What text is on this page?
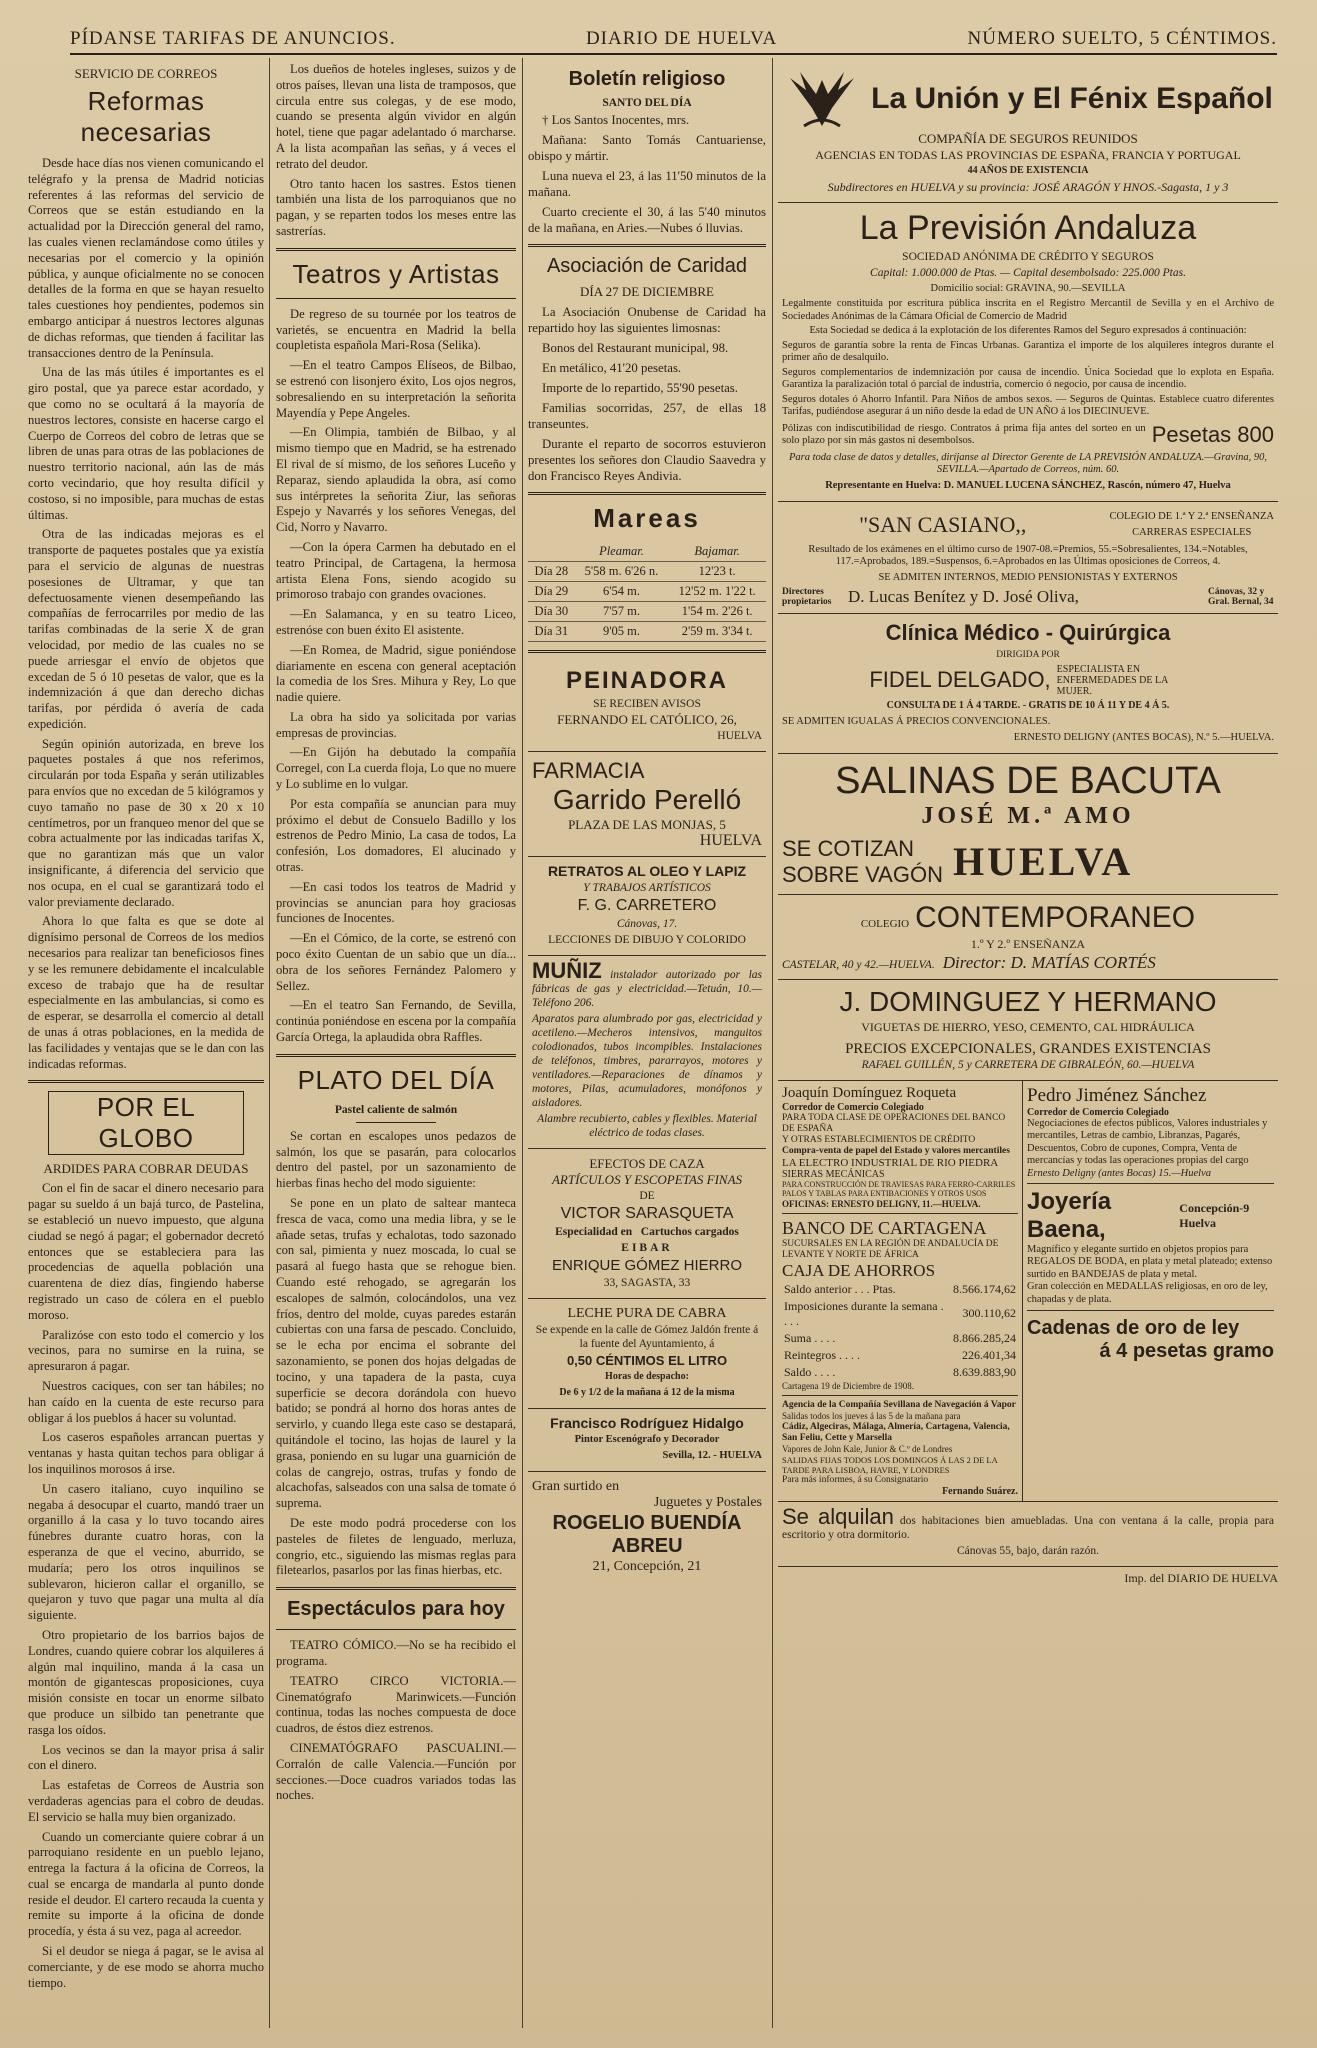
PÍDANSE TARIFAS DE ANUNCIOS.	DIARIO DE HUELVA	NÚMERO SUELTO, 5 CÉNTIMOS.
SERVICIO DE CORREOS
Reformas necesarias

Desde hace días nos vienen comunicando el telégrafo y la prensa de Madrid noticias referentes á las reformas del servicio de Correos que se están estudiando en la actualidad por la Dirección general del ramo, las cuales vienen reclamándose como útiles y necesarias por el comercio y la opinión pública, y aunque oficialmente no se conocen detalles de la forma en que se hayan resuelto tales cuestiones hoy pendientes, podemos sin embargo anticipar á nuestros lectores algunas de dichas reformas, que tienden á facilitar las transacciones dentro de la Península.

Una de las más útiles é importantes es el giro postal, que ya parece estar acordado, y que como no se ocultará á la mayoría de nuestros lectores, consiste en hacerse cargo el Cuerpo de Correos del cobro de letras que se libren de unas para otras de las poblaciones de nuestro territorio nacional, aún las de más corto vecindario, que hoy resulta difícil y costoso, si no imposible, para muchas de estas últimas.

Otra de las indicadas mejoras es el transporte de paquetes postales que ya existía para el servicio de algunas de nuestras posesiones de Ultramar, y que tan defectuosamente vienen desempeñando las compañías de ferrocarriles por medio de las tarifas combinadas de la serie X de gran velocidad, por medio de las cuales no se puede arriesgar el envío de objetos que excedan de 5 ó 10 pesetas de valor, que es la indemnización á que dan derecho dichas tarifas, por pérdida ó avería de cada expedición.

Según opinión autorizada, en breve los paquetes postales á que nos referimos, circularán por toda España y serán utilizables para envíos que no excedan de 5 kilógramos y cuyo tamaño no pase de 30 x 20 x 10 centímetros, por un franqueo menor del que se cobra actualmente por las indicadas tarifas X, que no garantizan más que un valor insignificante, á diferencia del servicio que nos ocupa, en el cual se garantizará todo el valor previamente declarado.

Ahora lo que falta es que se dote al dignísimo personal de Correos de los medios necesarios para realizar tan beneficiosos fines y se les remunere debidamente el incalculable exceso de trabajo que ha de resultar especialmente en las ambulancias, si como es de esperar, se desarrolla el comercio al detall de unas á otras poblaciones, en la medida de las facilidades y ventajas que se le dan con las indicadas reformas.

POR EL GLOBO
ARDIDES PARA COBRAR DEUDAS

Con el fin de sacar el dinero necesario para pagar su sueldo á un bajá turco, de Pastelina, se estableció un nuevo impuesto, que alguna ciudad se negó á pagar; el gobernador decretó entonces que se estableciera para las procedencias de aquella población una cuarentena de diez días, fingiendo haberse registrado un caso de cólera en el pueblo moroso.

Paralizóse con esto todo el comercio y los vecinos, para no sumirse en la ruina, se apresuraron á pagar.

Nuestros caciques, con ser tan hábiles; no han caído en la cuenta de este recurso para obligar á los pueblos á hacer su voluntad.

Los caseros españoles arrancan puertas y ventanas y hasta quitan techos para obligar á los inquilinos morosos á irse.

Un casero italiano, cuyo inquilino se negaba á desocupar el cuarto, mandó traer un organillo á la casa y lo tuvo tocando aires fúnebres durante cuatro horas, con la esperanza de que el vecino, aburrido, se mudaría; pero los otros inquilinos se sublevaron, hicieron callar el organillo, se quejaron y tuvo que pagar una multa al día siguiente.

Otro propietario de los barrios bajos de Londres, cuando quiere cobrar los alquileres á algún mal inquilino, manda á la casa un montón de gigantescas proposiciones, cuya misión consiste en tocar un enorme silbato que produce un silbido tan penetrante que rasga los oídos.

Los vecinos se dan la mayor prisa á salir con el dinero.

Las estafetas de Correos de Austria son verdaderas agencias para el cobro de deudas. El servicio se halla muy bien organizado.

Cuando un comerciante quiere cobrar á un parroquiano residente en un pueblo lejano, entrega la factura á la oficina de Correos, la cual se encarga de mandarla al punto donde reside el deudor. El cartero recauda la cuenta y remite su importe á la oficina de donde procedía, y ésta á su vez, paga al acreedor.

Si el deudor se niega á pagar, se le avisa al comerciante, y de ese modo se ahorra mucho tiempo.

Los dueños de hoteles ingleses, suizos y de otros países, llevan una lista de tramposos, que circula entre sus colegas, y de ese modo, cuando se presenta algún vividor en algún hotel, tiene que pagar adelantado ó marcharse. A la lista acompañan las señas, y á veces el retrato del deudor.

Otro tanto hacen los sastres. Estos tienen también una lista de los parroquianos que no pagan, y se reparten todos los meses entre las sastrerías.

Teatros y Artistas

De regreso de su tournée por los teatros de varietés, se encuentra en Madrid la bella coupletista española Mari-Rosa (Selika).

—En el teatro Campos Elíseos, de Bilbao, se estrenó con lisonjero éxito, Los ojos negros, sobresaliendo en su interpretación la señorita Mayendía y Pepe Angeles.

—En Olimpia, también de Bilbao, y al mismo tiempo que en Madrid, se ha estrenado El rival de sí mismo, de los señores Luceño y Reparaz, siendo aplaudida la obra, así como sus intérpretes la señorita Ziur, las señoras Espejo y Navarrés y los señores Venegas, del Cid, Norro y Navarro.

—Con la ópera Carmen ha debutado en el teatro Principal, de Cartagena, la hermosa artista Elena Fons, siendo acogido su primoroso trabajo con grandes ovaciones.

—En Salamanca, y en su teatro Liceo, estrenóse con buen éxito El asistente.

—En Romea, de Madrid, sigue poniéndose diariamente en escena con general aceptación la comedia de los Sres. Mihura y Rey, Lo que nadie quiere.

La obra ha sido ya solicitada por varias empresas de provincias.

—En Gijón ha debutado la compañía Corregel, con La cuerda floja, Lo que no muere y Lo sublime en lo vulgar.

Por esta compañía se anuncian para muy próximo el debut de Consuelo Badillo y los estrenos de Pedro Minio, La casa de todos, La confesión, Los domadores, El alucinado y otras.

—En casi todos los teatros de Madrid y provincias se anuncian para hoy graciosas funciones de Inocentes.

—En el Cómico, de la corte, se estrenó con poco éxito Cuentan de un sabio que un día... obra de los señores Fernández Palomero y Sellez.

—En el teatro San Fernando, de Sevilla, continúa poniéndose en escena por la compañía García Ortega, la aplaudida obra Raffles.

PLATO DEL DÍA
Pastel caliente de salmón

Se cortan en escalopes unos pedazos de salmón, los que se pasarán, para colocarlos dentro del pastel, por un sazonamiento de hierbas finas hecho del modo siguiente:

Se pone en un plato de saltear manteca fresca de vaca, como una media libra, y se le añade setas, trufas y echalotas, todo sazonado con sal, pimienta y nuez moscada, lo cual se pasará al fuego hasta que se rehogue bien. Cuando esté rehogado, se agregarán los escalopes de salmón, colocándolos, una vez fríos, dentro del molde, cuyas paredes estarán cubiertas con una farsa de pescado. Concluido, se le echa por encima el sobrante del sazonamiento, se ponen dos hojas delgadas de tocino, y una tapadera de la pasta, cuya superficie se decora dorándola con huevo batido; se pondrá al horno dos horas antes de servirlo, y cuando llega este caso se destapará, quitándole el tocino, las hojas de laurel y la grasa, poniendo en su lugar una guarnición de colas de cangrejo, ostras, trufas y fondo de alcachofas, salseados con una salsa de tomate ó suprema.

De este modo podrá procederse con los pasteles de filetes de lenguado, merluza, congrio, etc., siguiendo las mismas reglas para filetearlos, pasarlos por las finas hierbas, etc.

Espectáculos para hoy

TEATRO CÓMICO.—No se ha recibido el programa.

TEATRO CIRCO VICTORIA.—Cinematógrafo Marinwicets.—Función continua, todas las noches compuesta de doce cuadros, de éstos diez estrenos.

CINEMATÓGRAFO PASCUALINI.—Corralón de calle Valencia.—Función por secciones.—Doce cuadros variados todas las noches.

Boletín religioso
SANTO DEL DÍA

† Los Santos Inocentes, mrs.

Mañana: Santo Tomás Cantuariense, obispo y mártir.

Luna nueva el 23, á las 11'50 minutos de la mañana.

Cuarto creciente el 30, á las 5'40 minutos de la mañana, en Aries.—Nubes ó lluvias.

Asociación de Caridad
DÍA 27 DE DICIEMBRE

La Asociación Onubense de Caridad ha repartido hoy las siguientes limosnas:

Bonos del Restaurant municipal, 98.

En metálico, 41'20 pesetas.

Importe de lo repartido, 55'90 pesetas.

Familias socorridas, 257, de ellas 18 transeuntes.

Durante el reparto de socorros estuvieron presentes los señores don Claudio Saavedra y don Francisco Reyes Andivia.

Mareas
	Pleamar.	Bajamar.
Día 28	5'58 m. 6'26 n.	12'23 t.
Día 29	6'54 m.	12'52 m. 1'22 t.
Día 30	7'57 m.	1'54 m. 2'26 t.
Día 31	9'05 m.	2'59 m. 3'34 t.
PEINADORA
SE RECIBEN AVISOS
FERNANDO EL CATÓLICO, 26,
HUELVA
FARMACIA
Garrido Perelló
PLAZA DE LAS MONJAS, 5
HUELVA
RETRATOS AL OLEO Y LAPIZ
Y TRABAJOS ARTÍSTICOS
F. G. CARRETERO
Cánovas, 17.
LECCIONES DE DIBUJO Y COLORIDO
MUÑIZ instalador autorizado por las fábricas de gas y electricidad.—Tetuán, 10.—Teléfono 206.
Aparatos para alumbrado por gas, electricidad y acetileno.—Mecheros intensivos, manguitos colodionados, tubos incompibles. Instalaciones de teléfonos, timbres, pararrayos, motores y ventiladores.—Reparaciones de dínamos y motores, Pilas, acumuladores, monófonos y aisladores.
Alambre recubierto, cables y flexibles. Material eléctrico de todas clases.
EFECTOS DE CAZA
ARTÍCULOS Y ESCOPETAS FINAS
DE
VICTOR SARASQUETA
Especialidad en Cartuchos cargados
EIBAR
ENRIQUE GÓMEZ HIERRO
33, SAGASTA, 33
LECHE PURA DE CABRA
Se expende en la calle de Gómez Jaldón frente á la fuente del Ayuntamiento, á
0,50 CÉNTIMOS EL LITRO
Horas de despacho:
De 6 y 1/2 de la mañana á 12 de la misma
Francisco Rodríguez Hidalgo
Pintor Escenógrafo y Decorador
Sevilla, 12. - HUELVA
Gran surtido en
Juguetes y Postales
ROGELIO BUENDÍA ABREU
21, Concepción, 21
La Unión y El Fénix Español
COMPAÑÍA DE SEGUROS REUNIDOS
AGENCIAS EN TODAS LAS PROVINCIAS DE ESPAÑA, FRANCIA Y PORTUGAL
44 AÑOS DE EXISTENCIA
Subdirectores en HUELVA y su provincia: JOSÉ ARAGÓN Y HNOS.-Sagasta, 1 y 3
La Previsión Andaluza
SOCIEDAD ANÓNIMA DE CRÉDITO Y SEGUROS
Capital: 1.000.000 de Ptas. — Capital desembolsado: 225.000 Ptas.
Domicilio social: GRAVINA, 90.—SEVILLA
Legalmente constituida por escritura pública inscrita en el Registro Mercantil de Sevilla y en el Archivo de Sociedades Anónimas de la Cámara Oficial de Comercio de Madrid
Esta Sociedad se dedica á la explotación de los diferentes Ramos del Seguro expresados á continuación:
Seguros de garantía sobre la renta de Fincas Urbanas. Garantiza el importe de los alquileres íntegros durante el primer año de desalquilo.
Seguros complementarios de indemnización por causa de incendio. Única Sociedad que lo explota en España. Garantiza la paralización total ó parcial de industria, comercio ó negocio, por causa de incendio.
Seguros dotales ó Ahorro Infantil. Para Niños de ambos sexos. — Seguros de Quintas. Establece cuatro diferentes Tarifas, pudiéndose asegurar á un niño desde la edad de UN AÑO á los DIECINUEVE.
Pólizas con indiscutibilidad de riesgo. Contratos á prima fija antes del sorteo en un solo plazo por sin más gastos ni desembolsos.	Pesetas 800
Para toda clase de datos y detalles, diríjanse al Director Gerente de LA PREVISIÓN ANDALUZA.—Gravina, 90, SEVILLA.—Apartado de Correos, núm. 60.
Representante en Huelva: D. MANUEL LUCENA SÁNCHEZ, Rascón, número 47, Huelva
"SAN CASIANO,,	COLEGIO DE 1.ª Y 2.ª ENSEÑANZA
CARRERAS ESPECIALES
Resultado de los exámenes en el último curso de 1907-08.=Premios, 55.=Sobresalientes, 134.=Notables, 117.=Aprobados, 189.=Suspensos, 6.=Aprobados en las Últimas oposiciones de Correos, 4.
SE ADMITEN INTERNOS, MEDIO PENSIONISTAS Y EXTERNOS
Directores propietarios D. Lucas Benítez y D. José Oliva,	Cánovas, 32 y Gral. Bernal, 34
Clínica Médico - Quirúrgica
DIRIGIDA POR
FIDEL DELGADO, ESPECIALISTA EN ENFERMEDADES DE LA MUJER.
CONSULTA DE 1 Á 4 TARDE. - GRATIS DE 10 Á 11 Y DE 4 Á 5.
SE ADMITEN IGUALAS Á PRECIOS CONVENCIONALES.
ERNESTO DELIGNY (ANTES BOCAS), N.º 5.—HUELVA.
SALINAS DE BACUTA
JOSÉ M.ª AMO
SE COTIZAN
SOBRE VAGÓN HUELVA
COLEGIO CONTEMPORANEO
1.º Y 2.º ENSEÑANZA
CASTELAR, 40 y 42.—HUELVA. Director: D. MATÍAS CORTÉS
J. DOMINGUEZ Y HERMANO
VIGUETAS DE HIERRO, YESO, CEMENTO, CAL HIDRÁULICA
PRECIOS EXCEPCIONALES, GRANDES EXISTENCIAS
RAFAEL GUILLÉN, 5 y CARRETERA DE GIBRALEÓN, 60.—HUELVA
Joaquín Domínguez Roqueta
Corredor de Comercio Colegiado
PARA TODA CLASE DE OPERACIONES DEL BANCO DE ESPAÑA
Y OTRAS ESTABLECIMIENTOS DE CRÉDITO
Compra-venta de papel del Estado y valores mercantiles
LA ELECTRO INDUSTRIAL DE RIO PIEDRA
SIERRAS MECÁNICAS
PARA CONSTRUCCIÓN DE TRAVIESAS PARA FERRO-CARRILES PALOS Y TABLAS PARA ENTIBACIONES Y OTROS USOS
OFICINAS: ERNESTO DELIGNY, 11.—HUELVA.
BANCO DE CARTAGENA
SUCURSALES EN LA REGIÓN DE ANDALUCÍA DE LEVANTE Y NORTE DE ÁFRICA
CAJA DE AHORROS
Saldo anterior . . . Ptas.	8.566.174,62
Imposiciones durante la semana . . . .	300.110,62
Suma . . . .	8.866.285,24
Reintegros . . . .	226.401,34
Saldo . . . .	8.639.883,90
Cartagena 19 de Diciembre de 1908.
Agencia de la Compañía Sevillana de Navegación á Vapor
Salidas todos los jueves á las 5 de la mañana para
Cádiz, Algeciras, Málaga, Almería, Cartagena, Valencia, San Feliu, Cette y Marsella
Vapores de John Kale, Junior & C.º de Londres
SALIDAS FIJAS TODOS LOS DOMINGOS Á LAS 2 DE LA TARDE PARA LISBOA, HAVRE, Y LONDRES
Para más informes, á su Consignatario
Fernando Suárez.
Pedro Jiménez Sánchez
Corredor de Comercio Colegiado
Negociaciones de efectos públicos, Valores industriales y mercantiles, Letras de cambio, Libranzas, Pagarés, Descuentos, Cobro de cupones, Compra, Venta de mercancías y todas las operaciones propias del cargo
Ernesto Deligny (antes Bocas) 15.—Huelva
Joyería Baena,
Concepción-9 Huelva
Magnífico y elegante surtido en objetos propios para REGALOS DE BODA, en plata y metal plateado; extenso surtido en BANDEJAS de plata y metal.
Gran colección en MEDALLAS religiosas, en oro de ley, chapadas y de plata.
Cadenas de oro de ley
á 4 pesetas gramo
Se alquilan dos habitaciones bien amuebladas. Una con ventana á la calle, propia para escritorio y otra dormitorio.
Cánovas 55, bajo, darán razón.
Imp. del DIARIO DE HUELVA
